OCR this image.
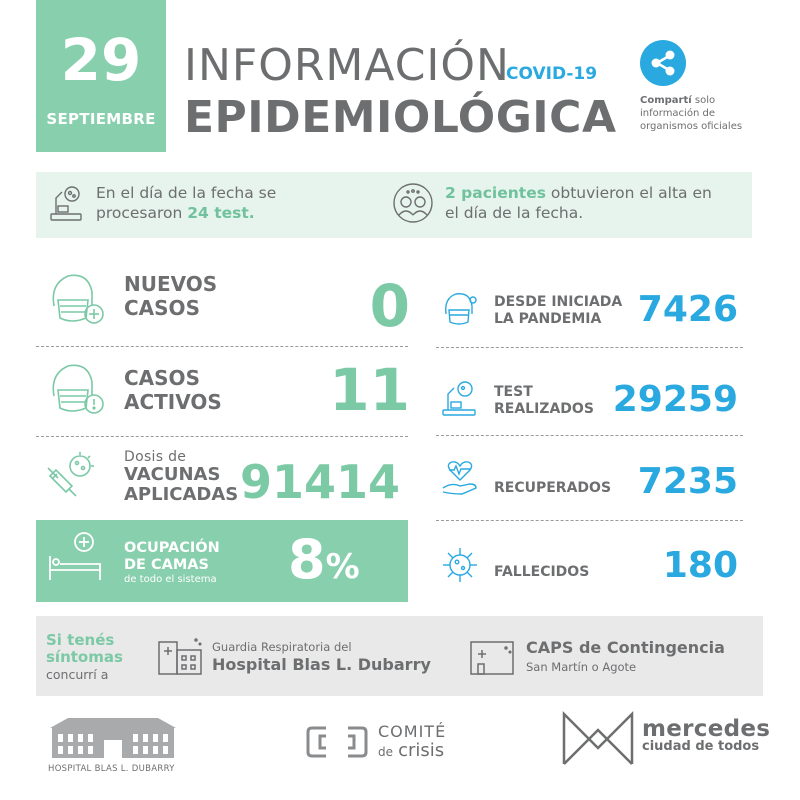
29
SEPTIEMBRE
INFORMACIÓN
COVID-19
EPIDEMIOLÓGICA Compartí solo
información de
organismos oficiales
En el día de la fecha se
procesaron 24 test.
2 pacientes obtuvieron el alta en
el día de la fecha.
NUEVOS
CASOS	0
CASOS
ACTIVOS	11
Dosis de
VACUNAS
APLICADAS 91414
OCUPACIÓN
DE CAMAS
de todo el sistema 8%
DESDE INICIADA
LA PANDEMIA	7426
TEST
REALIZADOS 29259
RECUPERADOS 7235
FALLECIDOS	180
Si tenés
síntomas
concurrí a
Guardia Respiratoria del
Hospital Blas L. Dubarry
CAPS de Contingencia
San Martín o Agote
HOSPITAL BLAS L. DUBARRY
COMITÉ
de crisis
mercedes
ciudad de todos
